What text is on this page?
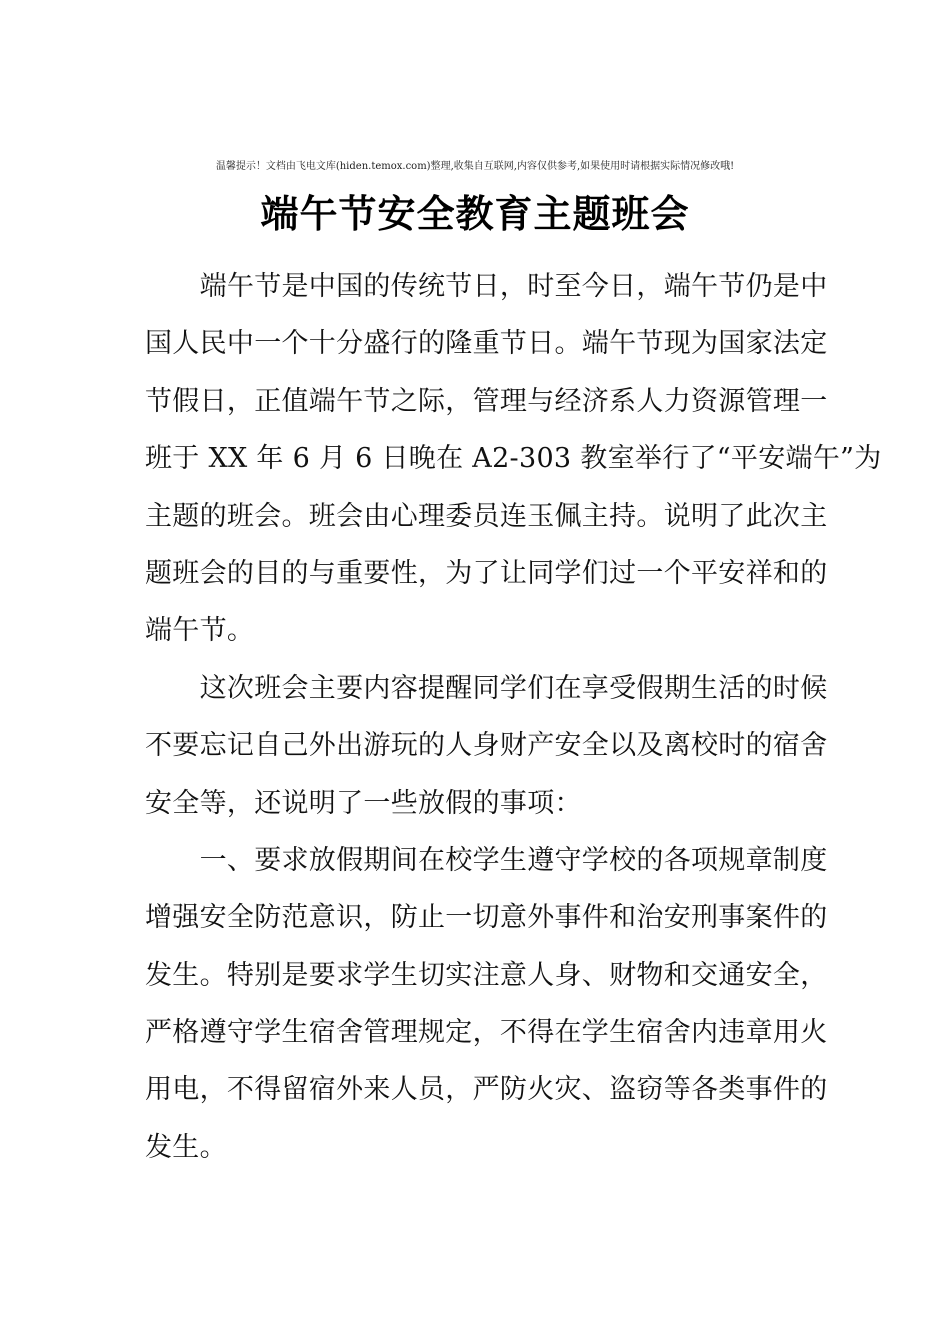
温馨提示！文档由飞电文库(hiden.temox.com)整理,收集自互联网,内容仅供参考,如果使用时请根据实际情况修改哦!
端午节安全教育主题班会
　　端午节是中国的传统节日，时至今日，端午节仍是中
国人民中一个十分盛行的隆重节日。端午节现为国家法定
节假日，正值端午节之际，管理与经济系人力资源管理一
班于 XX 年 6 月 6 日晚在 A2-303 教室举行了“平安端午”为
主题的班会。班会由心理委员连玉佩主持。说明了此次主
题班会的目的与重要性，为了让同学们过一个平安祥和的
端午节。
　　这次班会主要内容提醒同学们在享受假期生活的时候
不要忘记自己外出游玩的人身财产安全以及离校时的宿舍
安全等，还说明了一些放假的事项：
　　一、要求放假期间在校学生遵守学校的各项规章制度
增强安全防范意识，防止一切意外事件和治安刑事案件的
发生。特别是要求学生切实注意人身、财物和交通安全，
严格遵守学生宿舍管理规定，不得在学生宿舍内违章用火
用电，不得留宿外来人员，严防火灾、盗窃等各类事件的
发生。
